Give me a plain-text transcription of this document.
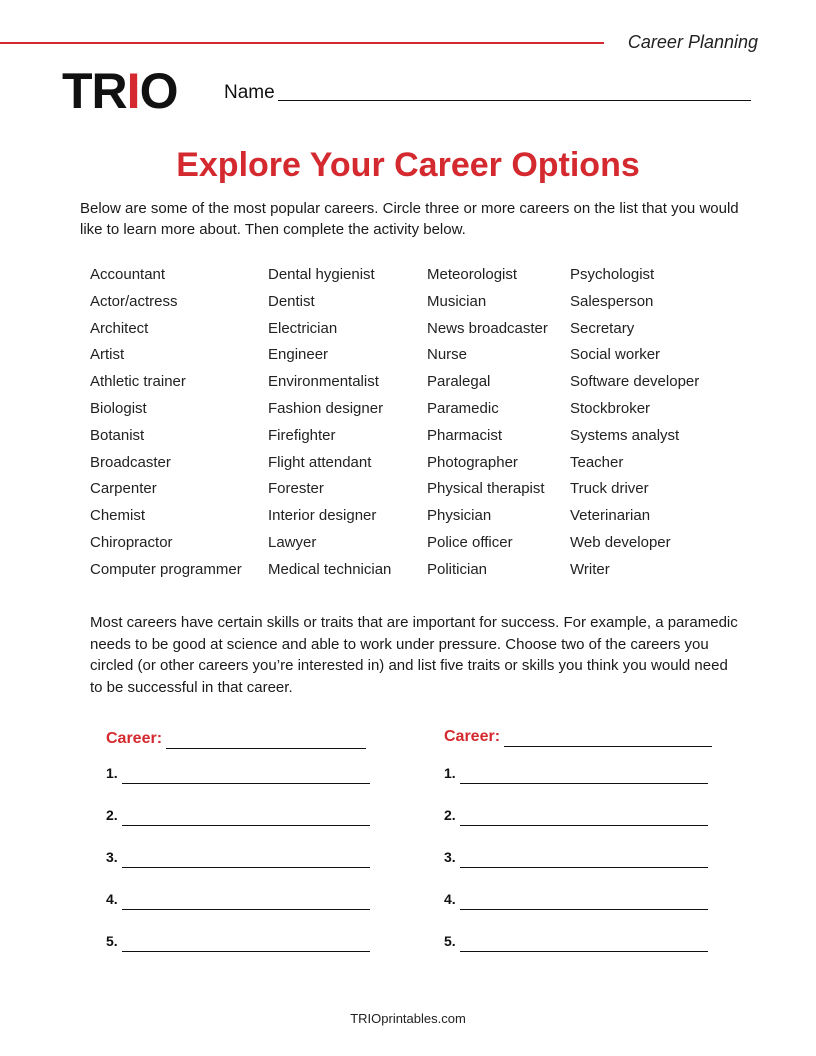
Career Planning
TRIO Name
Explore Your Career Options

Below are some of the most popular careers. Circle three or more careers on the list that you would like to learn more about. Then complete the activity below.

Accountant
Actor/actress
Architect
Artist
Athletic trainer
Biologist
Botanist
Broadcaster
Carpenter
Chemist
Chiropractor
Computer programmer
Dental hygienist
Dentist
Electrician
Engineer
Environmentalist
Fashion designer
Firefighter
Flight attendant
Forester
Interior designer
Lawyer
Medical technician
Meteorologist
Musician
News broadcaster
Nurse
Paralegal
Paramedic
Pharmacist
Photographer
Physical therapist
Physician
Police officer
Politician
Psychologist
Salesperson
Secretary
Social worker
Software developer
Stockbroker
Systems analyst
Teacher
Truck driver
Veterinarian
Web developer
Writer

Most careers have certain skills or traits that are important for success. For example, a paramedic needs to be good at science and able to work under pressure. Choose two of the careers you circled (or other careers you’re interested in) and list five traits or skills you think you would need to be successful in that career.

Career:
1.
2.
3.
4.
5.
Career:
1.
2.
3.
4.
5.
TRIOprintables.com
